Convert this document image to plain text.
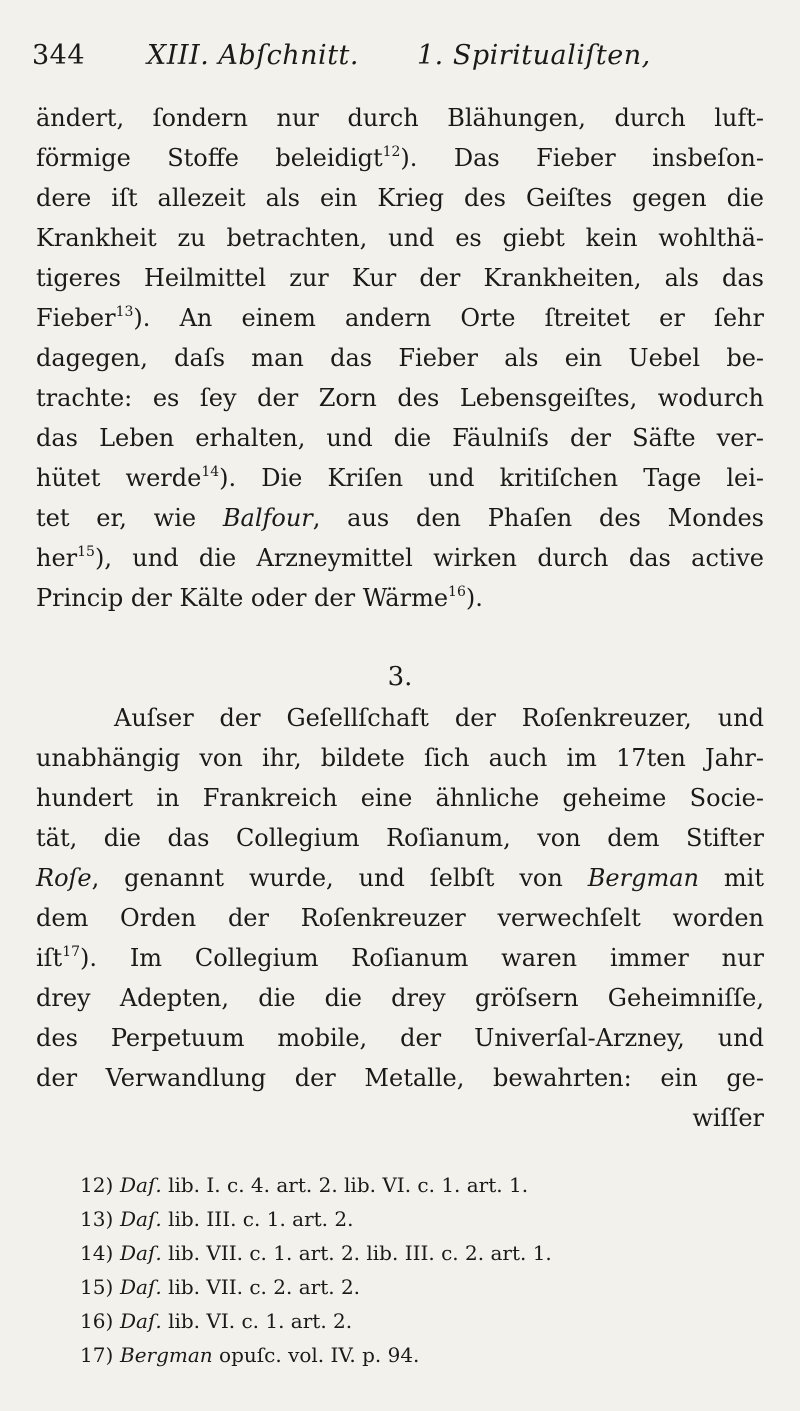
344 XIII. Abſchnitt. 1. Spiritualiſten,
ändert, ſondern nur durch Blähungen, durch luft-
förmige Stoffe beleidigt$^{12}$). Das Fieber insbeſon-
dere iſt allezeit als ein Krieg des Geiſtes gegen die
Krankheit zu betrachten, und es giebt kein wohlthä-
tigeres Heilmittel zur Kur der Krankheiten, als das
Fieber$^{13}$). An einem andern Orte ſtreitet er ſehr
dagegen, daſs man das Fieber als ein Uebel be-
trachte: es ſey der Zorn des Lebensgeiſtes, wodurch
das Leben erhalten, und die Fäulniſs der Säfte ver-
hütet werde$^{14}$). Die Kriſen und kritiſchen Tage lei-
tet er, wie Balfour, aus den Phaſen des Mondes
her$^{15}$), und die Arzneymittel wirken durch das active
Princip der Kälte oder der Wärme$^{16}$).
3.
Auſser der Geſellſchaft der Roſenkreuzer, und
unabhängig von ihr, bildete ſich auch im 17ten Jahr-
hundert in Frankreich eine ähnliche geheime Socie-
tät, die das Collegium Roſianum, von dem Stifter
Roſe, genannt wurde, und ſelbſt von Bergman mit
dem Orden der Roſenkreuzer verwechſelt worden
iſt$^{17}$). Im Collegium Roſianum waren immer nur
drey Adepten, die die drey gröſsern Geheimniſſe,
des Perpetuum mobile, der Univerſal-Arzney, und
der Verwandlung der Metalle, bewahrten: ein ge-
wiſſer
12) Daſ. lib. I. c. 4. art. 2. lib. VI. c. 1. art. 1.
13) Daſ. lib. III. c. 1. art. 2.
14) Daſ. lib. VII. c. 1. art. 2. lib. III. c. 2. art. 1.
15) Daſ. lib. VII. c. 2. art. 2.
16) Daſ. lib. VI. c. 1. art. 2.
17) Bergman opuſc. vol. IV. p. 94.
